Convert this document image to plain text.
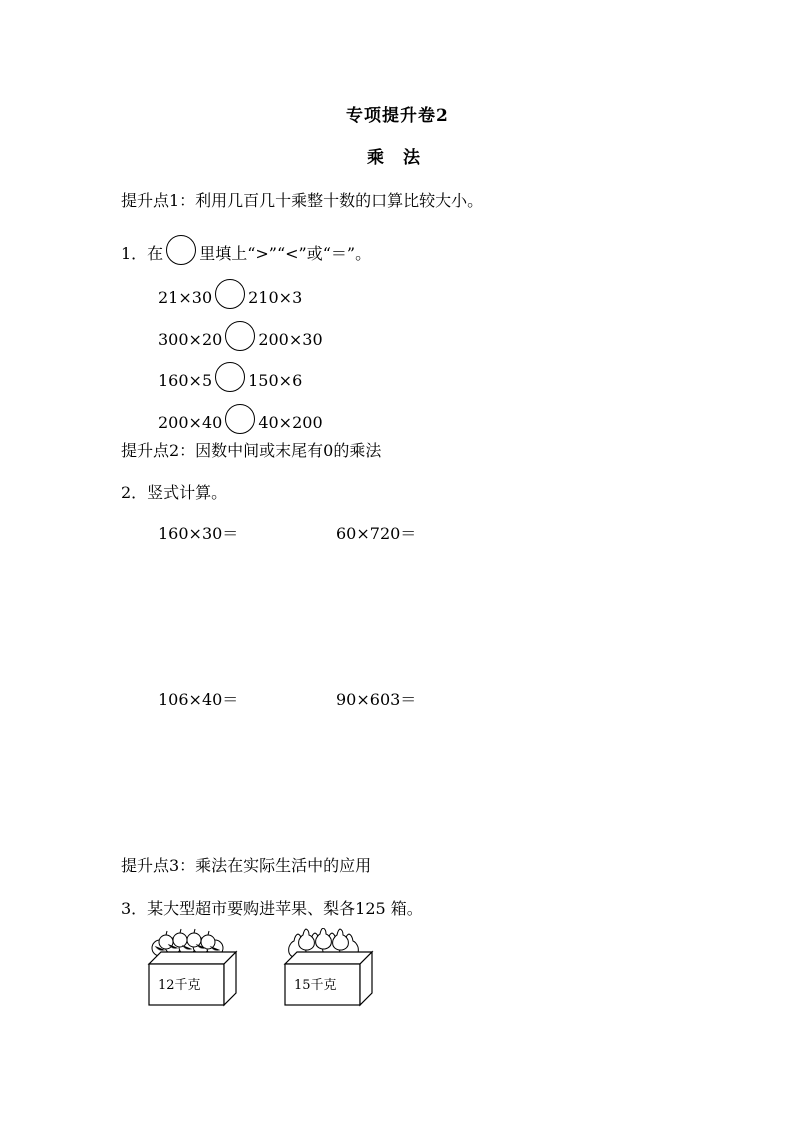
专项提升卷2
乘　法
提升点1：利用几百几十乘整十数的口算比较大小。
1．在 里填上“>”“<”或“＝”。
21×30 210×3
300×20 200×30
160×5 150×6
200×40 40×200
提升点2：因数中间或末尾有0的乘法
2．竖式计算。
160×30＝	60×720＝
106×40＝	90×603＝
提升点3：乘法在实际生活中的应用
3．某大型超市要购进苹果、梨各125 箱。
12千克	15千克
